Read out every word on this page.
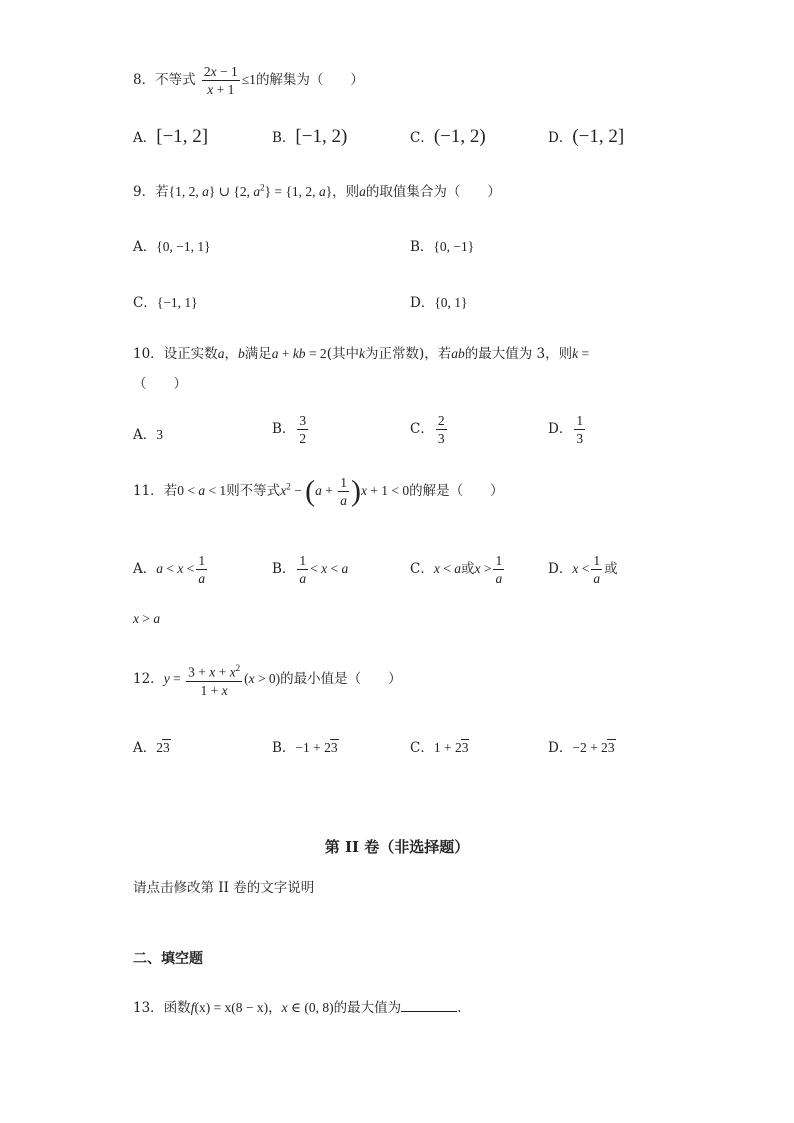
8．不等式 $\frac{2x - 1}{x + 1} \le 1$的解集为（　　）
A．[−1, 2]	B．[−1, 2)	C．(−1, 2)	D．(−1, 2]
9．若{1, 2, a} ∪ {2, $a^2\} = \{1$, 2, a}，则a的取值集合为（　　）
A．{0, −1, 1}	B．{0, −1}
C．{−1, 1}	D．{0, 1}
10．设正实数a，b满足a + kb = 2(其中k为正常数)，若ab的最大值为 3，则k =
（　　）
A．3	B． $\frac{3}{2}$	C． $\frac{2}{3}$	D． $\frac{1}{3}$
11．若0 < a < 1则不等式$x^2 - (a + \frac{1}{a} )x + 1 < 0$的解是（　　）
A．$a < x < \frac{1}{a}$	B． $\frac{1}{a} < x < a$	C．x < a或$x > \frac{1}{a}$	D．$x < \frac{1}{a}$ 或
x > a
12．$y = \frac{3 + x + x^2}{1 + x} (x > 0)$的最小值是（　　）
A．23	B．−1 + 23	C．1 + 23	D．−2 + 23
第 II 卷（非选择题）
请点击修改第 II 卷的文字说明
二、填空题
13．函数f(x) = x(8 − x)，x ∈ (0, 8)的最大值为	.
